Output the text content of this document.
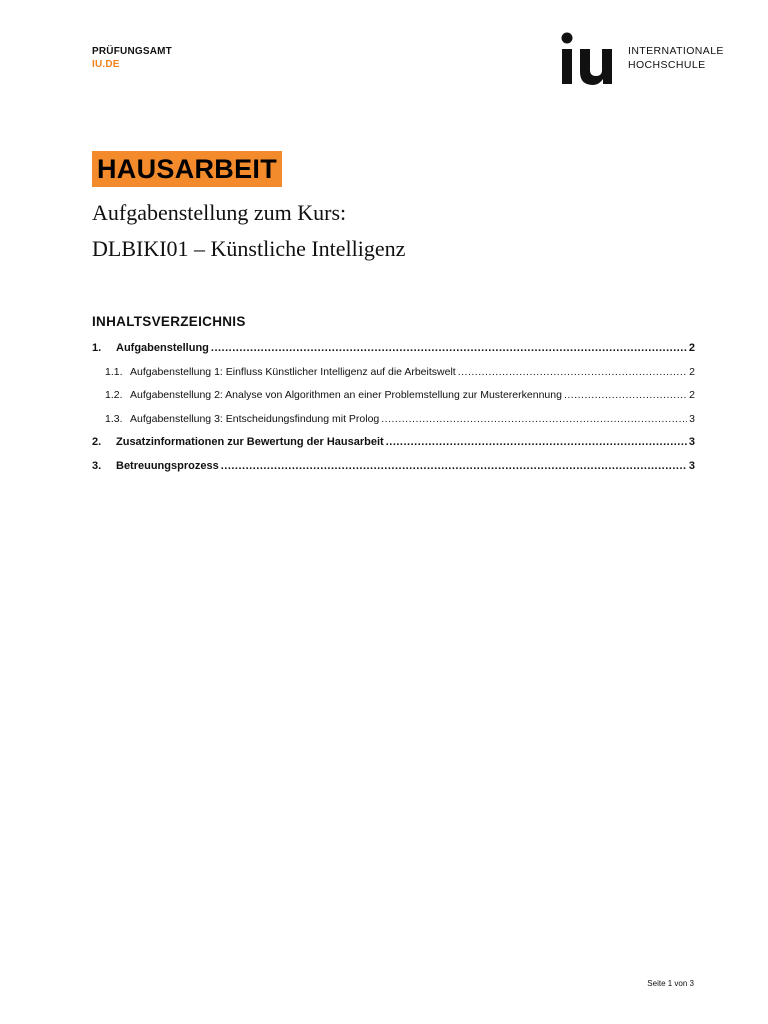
PRÜFUNGSAMT
IU.DE
INTERNATIONALE
HOCHSCHULE
HAUSARBEIT
Aufgabenstellung zum Kurs:
DLBIKI01 – Künstliche Intelligenz
INHALTSVERZEICHNIS
1.	Aufgabenstellung .....	2
1.1. Aufgabenstellung 1: Einfluss Künstlicher Intelligenz auf die Arbeitswelt .....	2
1.2. Aufgabenstellung 2: Analyse von Algorithmen an einer Problemstellung zur Mustererkennung .....	2
1.3. Aufgabenstellung 3: Entscheidungsfindung mit Prolog .....	3
2.	Zusatzinformationen zur Bewertung der Hausarbeit .....	3
3.	Betreuungsprozess .....	3
Seite 1 von 3
